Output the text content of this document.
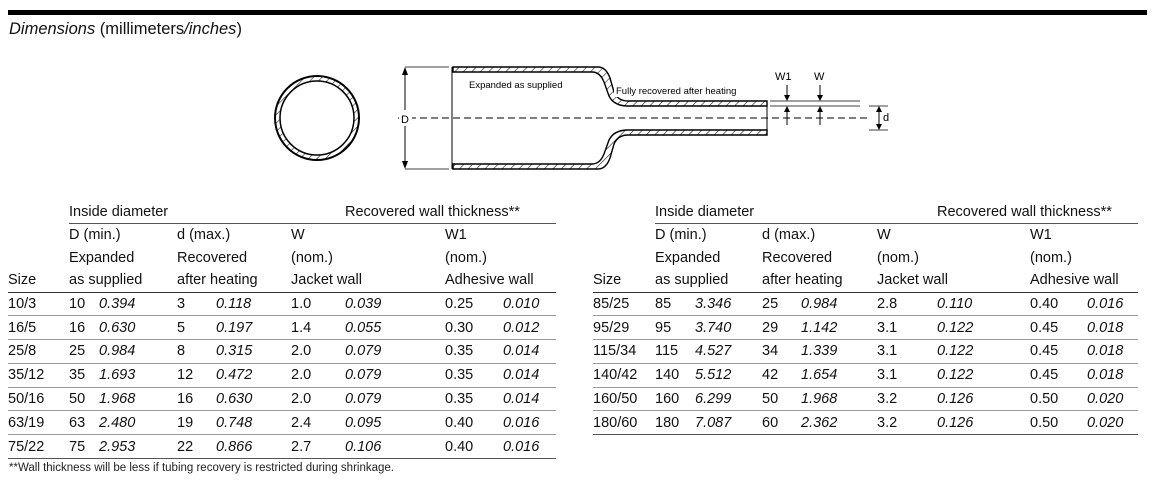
Dimensions (millimeters/inches)
D	d
W1 W
Expanded as supplied
Fully recovered after heating
	Inside diameter					Recovered wall thickness**		
	D (min.)		d (max.)		W		W1	
	Expanded		Recovered		(nom.)		(nom.)	
Size	as supplied		after heating		Jacket wall		Adhesive wall	
10/3	10	0.394	3	0.118	1.0	0.039	0.25	0.010
16/5	16	0.630	5	0.197	1.4	0.055	0.30	0.012
25/8	25	0.984	8	0.315	2.0	0.079	0.35	0.014
35/12	35	1.693	12	0.472	2.0	0.079	0.35	0.014
50/16	50	1.968	16	0.630	2.0	0.079	0.35	0.014
63/19	63	2.480	19	0.748	2.4	0.095	0.40	0.016
75/22	75	2.953	22	0.866	2.7	0.106	0.40	0.016
	Inside diameter					Recovered wall thickness**		
	D (min.)		d (max.)		W		W1	
	Expanded		Recovered		(nom.)		(nom.)	
Size	as supplied		after heating		Jacket wall		Adhesive wall	
85/25	85	3.346	25	0.984	2.8	0.110	0.40	0.016
95/29	95	3.740	29	1.142	3.1	0.122	0.45	0.018
115/34	115	4.527	34	1.339	3.1	0.122	0.45	0.018
140/42	140	5.512	42	1.654	3.1	0.122	0.45	0.018
160/50	160	6.299	50	1.968	3.2	0.126	0.50	0.020
180/60	180	7.087	60	2.362	3.2	0.126	0.50	0.020
**Wall thickness will be less if tubing recovery is restricted during shrinkage.
